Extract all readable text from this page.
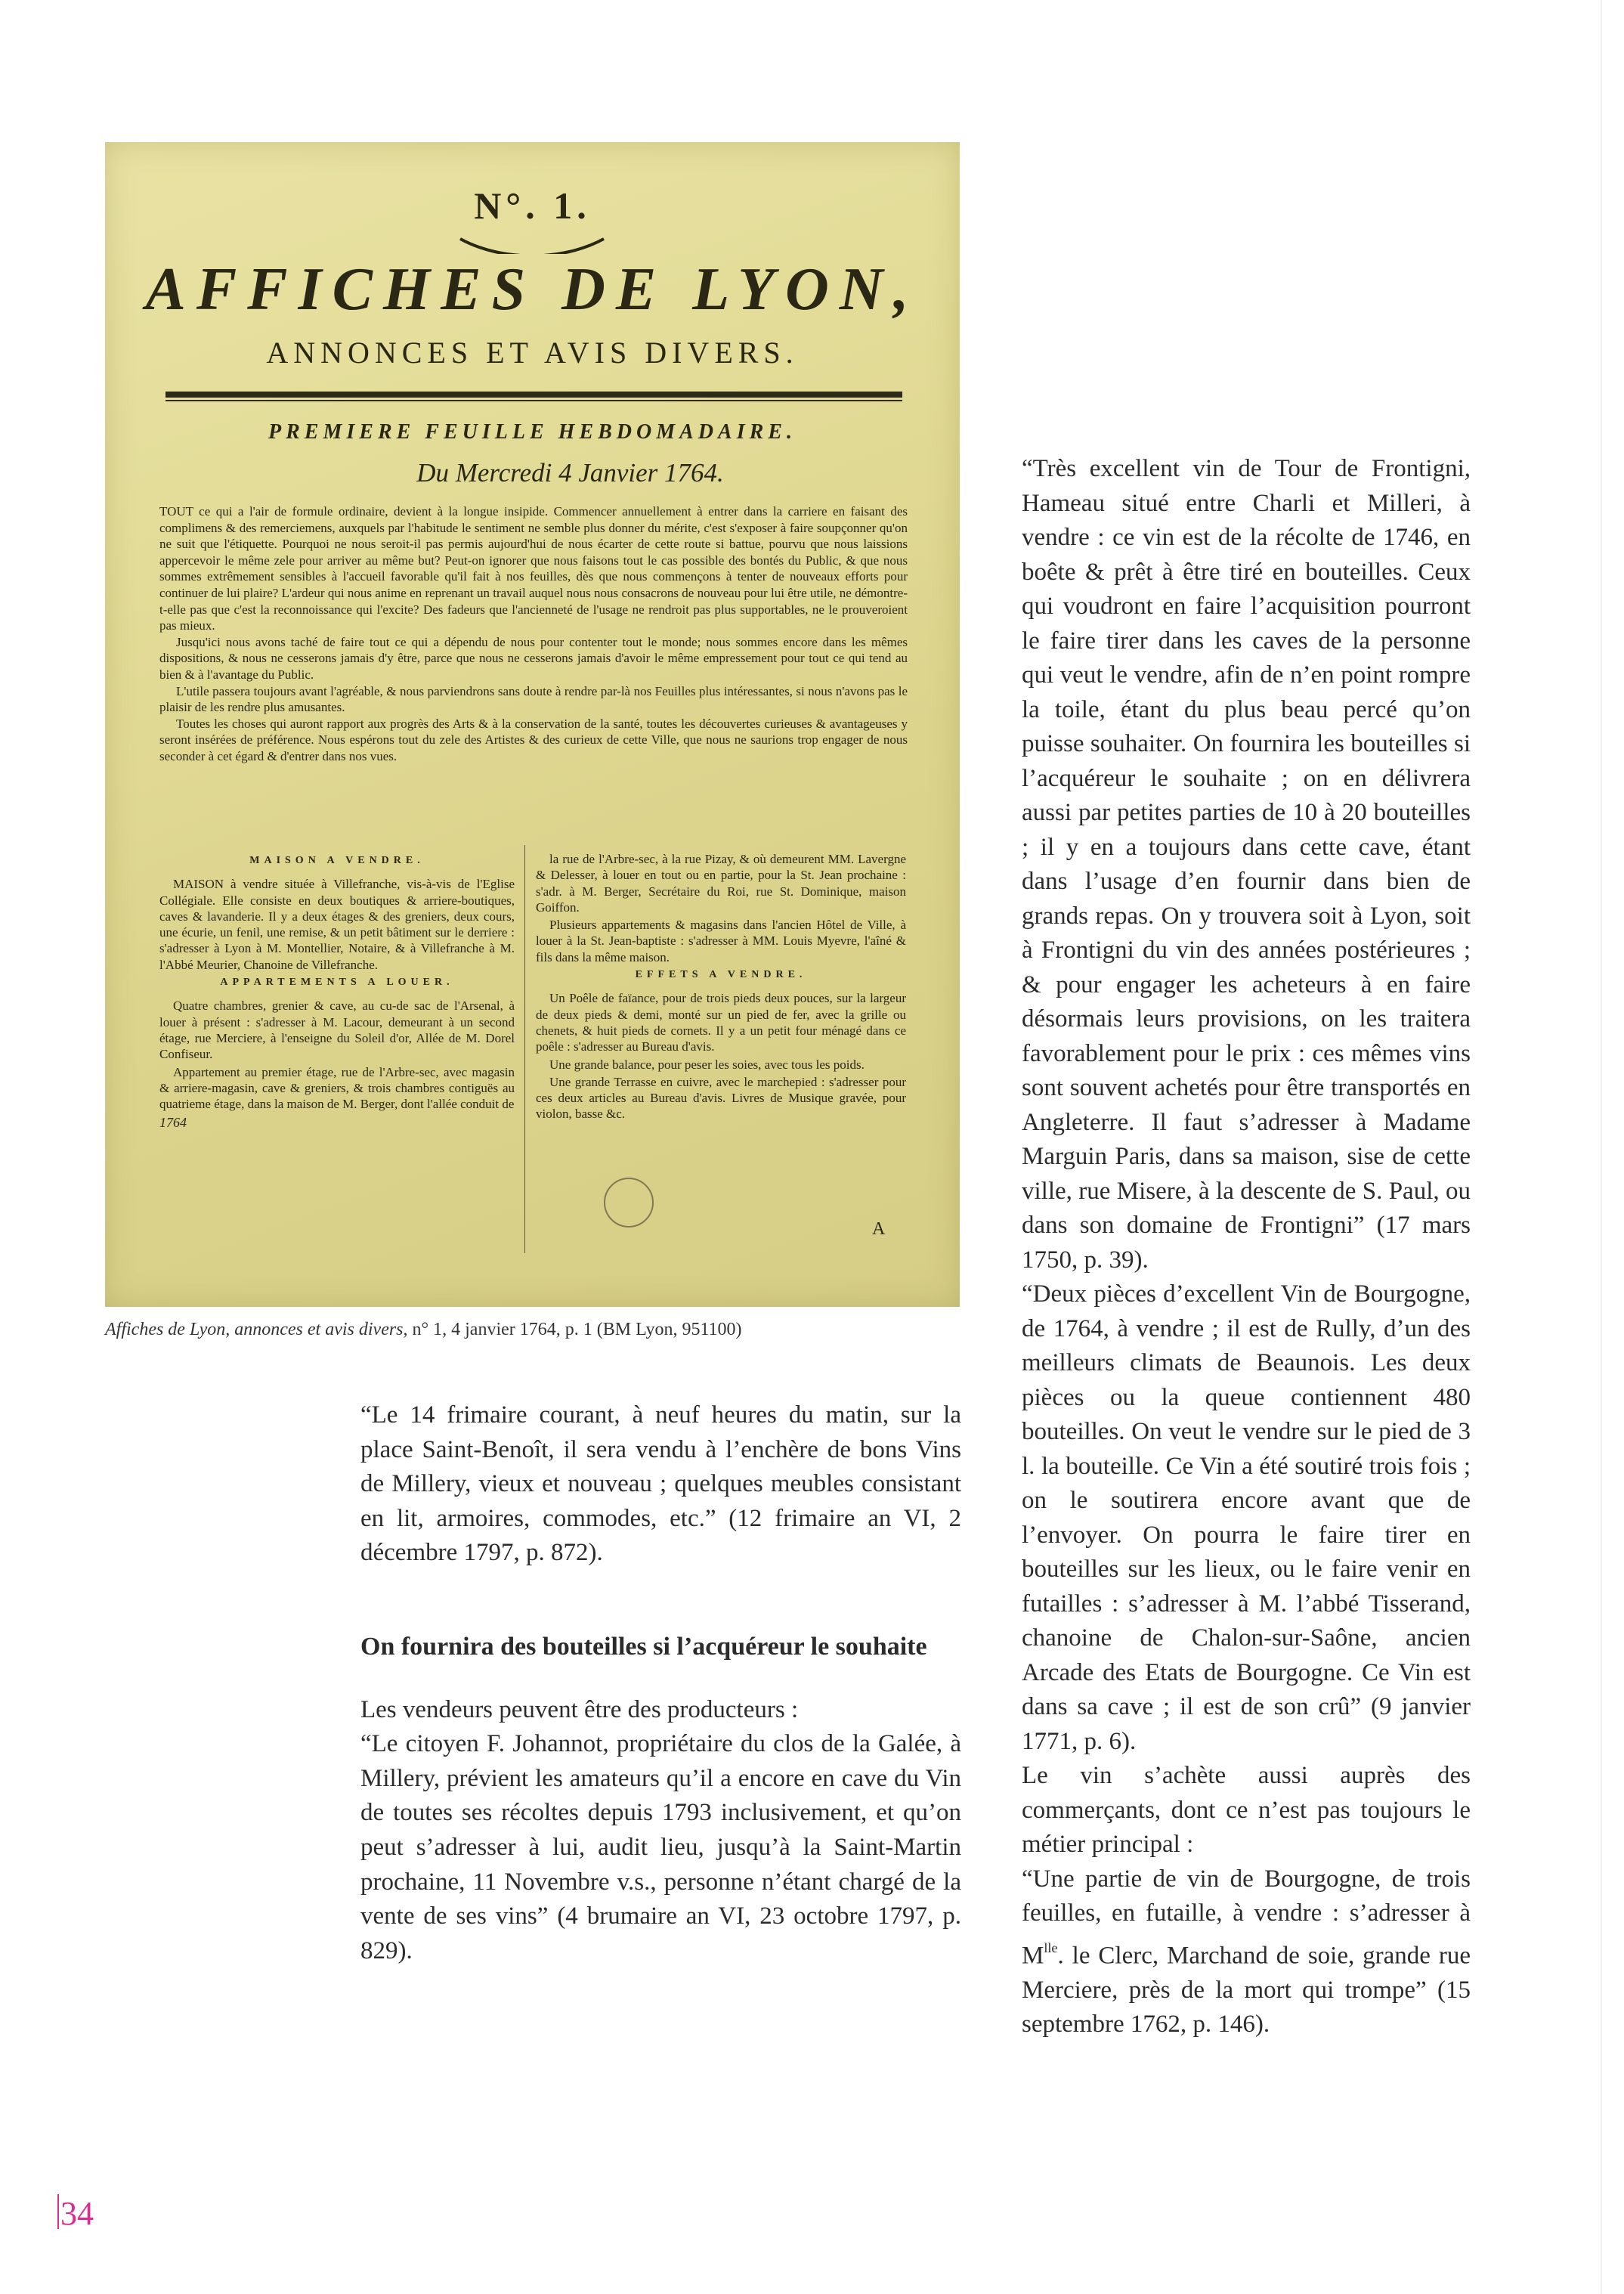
N°. 1.
AFFICHES DE LYON,
ANNONCES ET AVIS DIVERS.
PREMIERE FEUILLE HEBDOMADAIRE.
Du Mercredi 4 Janvier 1764.

TOUT ce qui a l'air de formule ordinaire, devient à la longue insipide. Commencer annuellement à entrer dans la carriere en faisant des complimens & des remerciemens, auxquels par l'habitude le sentiment ne semble plus donner du mérite, c'est s'exposer à faire soupçonner qu'on ne suit que l'étiquette. Pourquoi ne nous seroit-il pas permis aujourd'hui de nous écarter de cette route si battue, pourvu que nous laissions appercevoir le même zele pour arriver au même but? Peut-on ignorer que nous faisons tout le cas possible des bontés du Public, & que nous sommes extrêmement sensibles à l'accueil favorable qu'il fait à nos feuilles, dès que nous commençons à tenter de nouveaux efforts pour continuer de lui plaire? L'ardeur qui nous anime en reprenant un travail auquel nous nous consacrons de nouveau pour lui être utile, ne démontre-t-elle pas que c'est la reconnoissance qui l'excite? Des fadeurs que l'ancienneté de l'usage ne rendroit pas plus supportables, ne le prouveroient pas mieux.

Jusqu'ici nous avons taché de faire tout ce qui a dépendu de nous pour contenter tout le monde; nous sommes encore dans les mêmes dispositions, & nous ne cesserons jamais d'y être, parce que nous ne cesserons jamais d'avoir le même empressement pour tout ce qui tend au bien & à l'avantage du Public.

L'utile passera toujours avant l'agréable, & nous parviendrons sans doute à rendre par-là nos Feuilles plus intéressantes, si nous n'avons pas le plaisir de les rendre plus amusantes.

Toutes les choses qui auront rapport aux progrès des Arts & à la conservation de la santé, toutes les découvertes curieuses & avantageuses y seront insérées de préférence. Nous espérons tout du zele des Artistes & des curieux de cette Ville, que nous ne saurions trop engager de nous seconder à cet égard & d'entrer dans nos vues.

MAISON A VENDRE.

MAISON à vendre située à Villefranche, vis-à-vis de l'Eglise Collégiale. Elle consiste en deux boutiques & arriere-boutiques, caves & lavanderie. Il y a deux étages & des greniers, deux cours, une écurie, un fenil, une remise, & un petit bâtiment sur le derriere : s'adresser à Lyon à M. Montellier, Notaire, & à Villefranche à M. l'Abbé Meurier, Chanoine de Villefranche.

APPARTEMENTS A LOUER.

Quatre chambres, grenier & cave, au cu-de sac de l'Arsenal, à louer à présent : s'adresser à M. Lacour, demeurant à un second étage, rue Merciere, à l'enseigne du Soleil d'or, Allée de M. Dorel Confiseur.

Appartement au premier étage, rue de l'Arbre-sec, avec magasin & arriere-magasin, cave & greniers, & trois chambres contiguës au quatrieme étage, dans la maison de M. Berger, dont l'allée conduit de

1764

la rue de l'Arbre-sec, à la rue Pizay, & où demeurent MM. Lavergne & Delesser, à louer en tout ou en partie, pour la St. Jean prochaine : s'adr. à M. Berger, Secrétaire du Roi, rue St. Dominique, maison Goiffon.

Plusieurs appartements & magasins dans l'ancien Hôtel de Ville, à louer à la St. Jean-baptiste : s'adresser à MM. Louis Myevre, l'aîné & fils dans la même maison.

EFFETS A VENDRE.

Un Poêle de faïance, pour de trois pieds deux pouces, sur la largeur de deux pieds & demi, monté sur un pied de fer, avec la grille ou chenets, & huit pieds de cornets. Il y a un petit four ménagé dans ce poêle : s'adresser au Bureau d'avis.

Une grande balance, pour peser les soies, avec tous les poids.

Une grande Terrasse en cuivre, avec le marchepied : s'adresser pour ces deux articles au Bureau d'avis. Livres de Musique gravée, pour violon, basse &c.

A
Affiches de Lyon, annonces et avis divers, n° 1, 4 janvier 1764, p. 1 (BM Lyon, 951100)

“Très excellent vin de Tour de Frontigni, Hameau situé entre Charli et Milleri, à vendre : ce vin est de la récolte de 1746, en boête & prêt à être tiré en bouteilles. Ceux qui voudront en faire l’acquisition pourront le faire tirer dans les caves de la personne qui veut le vendre, afin de n’en point rompre la toile, étant du plus beau percé qu’on puisse souhaiter. On fournira les bouteilles si l’acquéreur le souhaite ; on en délivrera aussi par petites parties de 10 à 20 bouteilles ; il y en a toujours dans cette cave, étant dans l’usage d’en fournir dans bien de grands repas. On y trouvera soit à Lyon, soit à Frontigni du vin des années postérieures ; & pour engager les acheteurs à en faire désormais leurs provisions, on les traitera favorablement pour le prix : ces mêmes vins sont souvent achetés pour être transportés en Angleterre. Il faut s’adresser à Madame Marguin Paris, dans sa maison, sise de cette ville, rue Misere, à la descente de S. Paul, ou dans son domaine de Frontigni” (17 mars 1750, p. 39).

“Deux pièces d’excellent Vin de Bourgogne, de 1764, à vendre ; il est de Rully, d’un des meilleurs climats de Beaunois. Les deux pièces ou la queue contiennent 480 bouteilles. On veut le vendre sur le pied de 3 l. la bouteille. Ce Vin a été soutiré trois fois ; on le soutirera encore avant que de l’envoyer. On pourra le faire tirer en bouteilles sur les lieux, ou le faire venir en futailles : s’adresser à M. l’abbé Tisserand, chanoine de Chalon-sur-Saône, ancien Arcade des Etats de Bourgogne. Ce Vin est dans sa cave ; il est de son crû” (9 janvier 1771, p. 6).

Le vin s’achète aussi auprès des commerçants, dont ce n’est pas toujours le métier principal :

“Une partie de vin de Bourgogne, de trois feuilles, en futaille, à vendre : s’adresser à $M^{lle}$. le Clerc, Marchand de soie, grande rue Merciere, près de la mort qui trompe” (15 septembre 1762, p. 146).

“Le 14 frimaire courant, à neuf heures du matin, sur la place Saint-Benoît, il sera vendu à l’enchère de bons Vins de Millery, vieux et nouveau ; quelques meubles consistant en lit, armoires, commodes, etc.” (12 frimaire an VI, 2 décembre 1797, p. 872).

On fournira des bouteilles si l’acquéreur le souhaite

Les vendeurs peuvent être des producteurs :

“Le citoyen F. Johannot, propriétaire du clos de la Galée, à Millery, prévient les amateurs qu’il a encore en cave du Vin de toutes ses récoltes depuis 1793 inclusivement, et qu’on peut s’adresser à lui, audit lieu, jusqu’à la Saint-Martin prochaine, 11 Novembre v.s., personne n’étant chargé de la vente de ses vins” (4 brumaire an VI, 23 octobre 1797, p. 829).

34
